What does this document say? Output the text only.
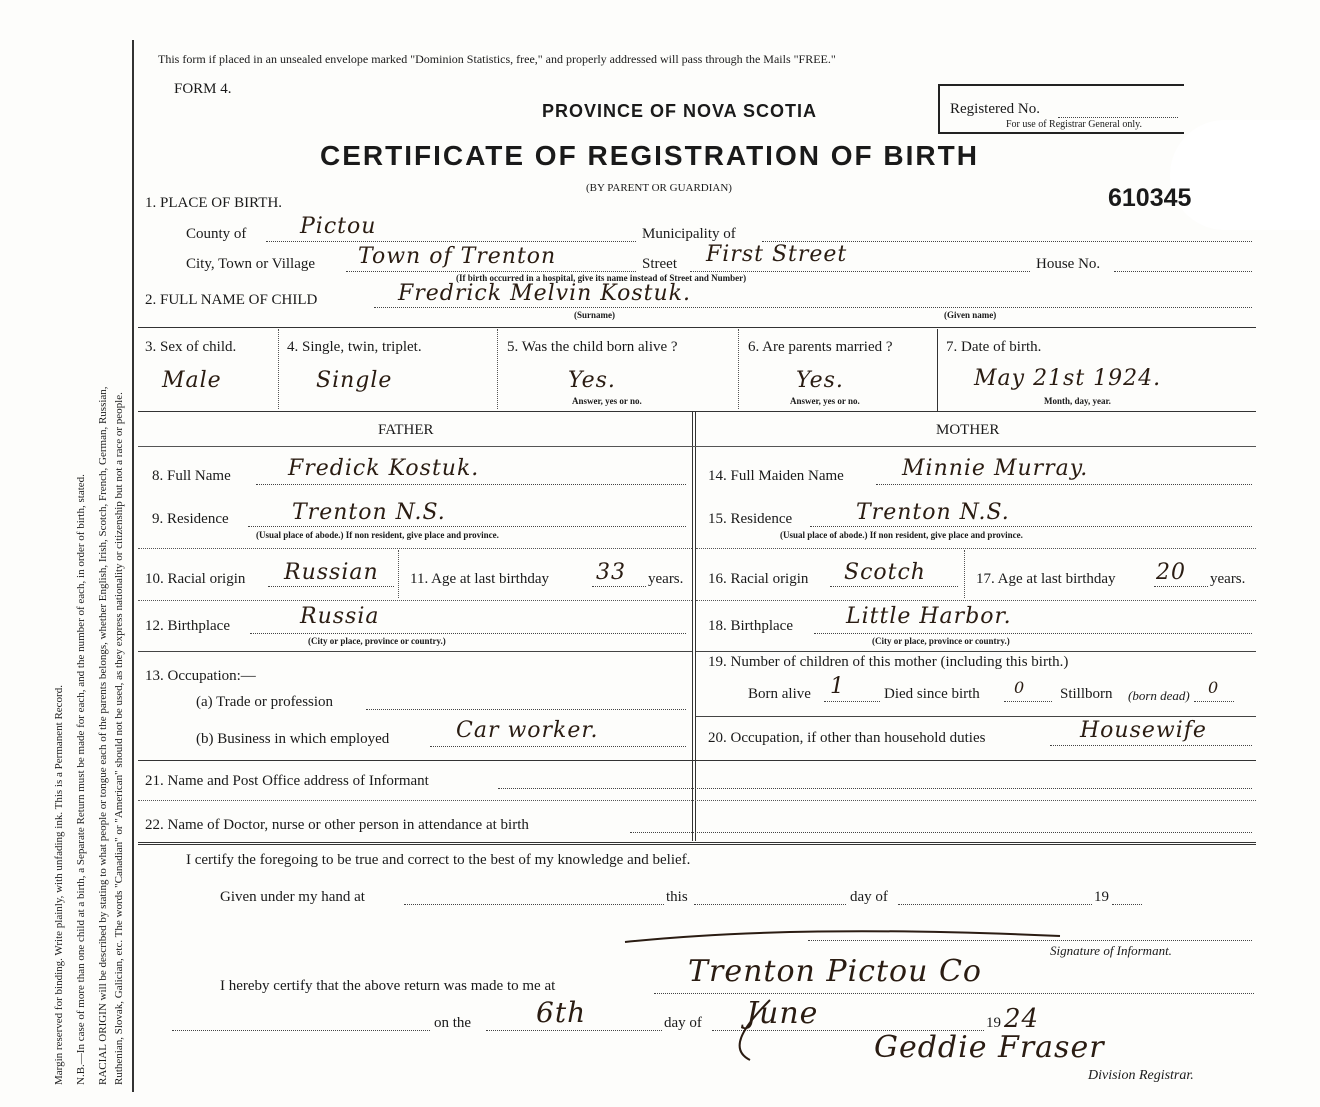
Margin reserved for binding. Write plainly, with unfading ink. This is a Permanent Record. N.B.—In case of more than one child at a birth, a Separate Return must be made for each, and the number of each, in order of birth, stated. RACIAL ORIGIN will be described by stating to what people or tongue each of the parents belongs, whether English, Irish, Scotch, French, German, Russian, Ruthenian, Slovak, Galician, etc. The words "Canadian" or "American" should not be used, as they express nationality or citizenship but not a race or people.
This form if placed in an unsealed envelope marked "Dominion Statistics, free," and properly addressed will pass through the Mails "FREE."
FORM 4.
PROVINCE OF NOVA SCOTIA	Registered No.
For use of Registrar General only.
CERTIFICATE OF REGISTRATION OF BIRTH
(BY PARENT OR GUARDIAN)	610345
1. PLACE OF BIRTH.
County of Pictou	Municipality of
City, Town or Village Town of Trenton	Street First Street	House No.
(If birth occurred in a hospital, give its name instead of Street and Number)
2. FULL NAME OF CHILD	Fredrick Melvin Kostuk.
(Surname)	(Given name)
3. Sex of child.
Male
4. Single, twin, triplet.
Single
5. Was the child born alive ?
Yes.
Answer, yes or no.
6. Are parents married ?
Yes.
Answer, yes or no.
7. Date of birth.
May 21st 1924.
Month, day, year.
FATHER	MOTHER
8. Full Name	Fredick Kostuk.	14. Full Maiden Name	Minnie Murray.
9. Residence	Trenton N.S.
(Usual place of abode.) If non resident, give place and province.
15. Residence	Trenton N.S.
(Usual place of abode.) If non resident, give place and province.
10. Racial origin Russian 11. Age at last birthday 33 years. 16. Racial origin Scotch	17. Age at last birthday 20 years.
12. Birthplace	Russia
(City or place, province or country.)
18. Birthplace Little Harbor.
(City or place, province or country.)
13. Occupation:—
(a) Trade or profession
(b) Business in which employed	Car worker.
19. Number of children of this mother (including this birth.)
Born alive 1	Died since birth 0 Stillborn (born dead) 0
20. Occupation, if other than household duties	Housewife
21. Name and Post Office address of Informant
22. Name of Doctor, nurse or other person in attendance at birth
I certify the foregoing to be true and correct to the best of my knowledge and belief.
Given under my hand at	this	day of	19
Signature of Informant.
I hereby certify that the above return was made to me at	Trenton Pictou Co
on the 6th	day of June	19 24
Geddie Fraser
Division Registrar.
